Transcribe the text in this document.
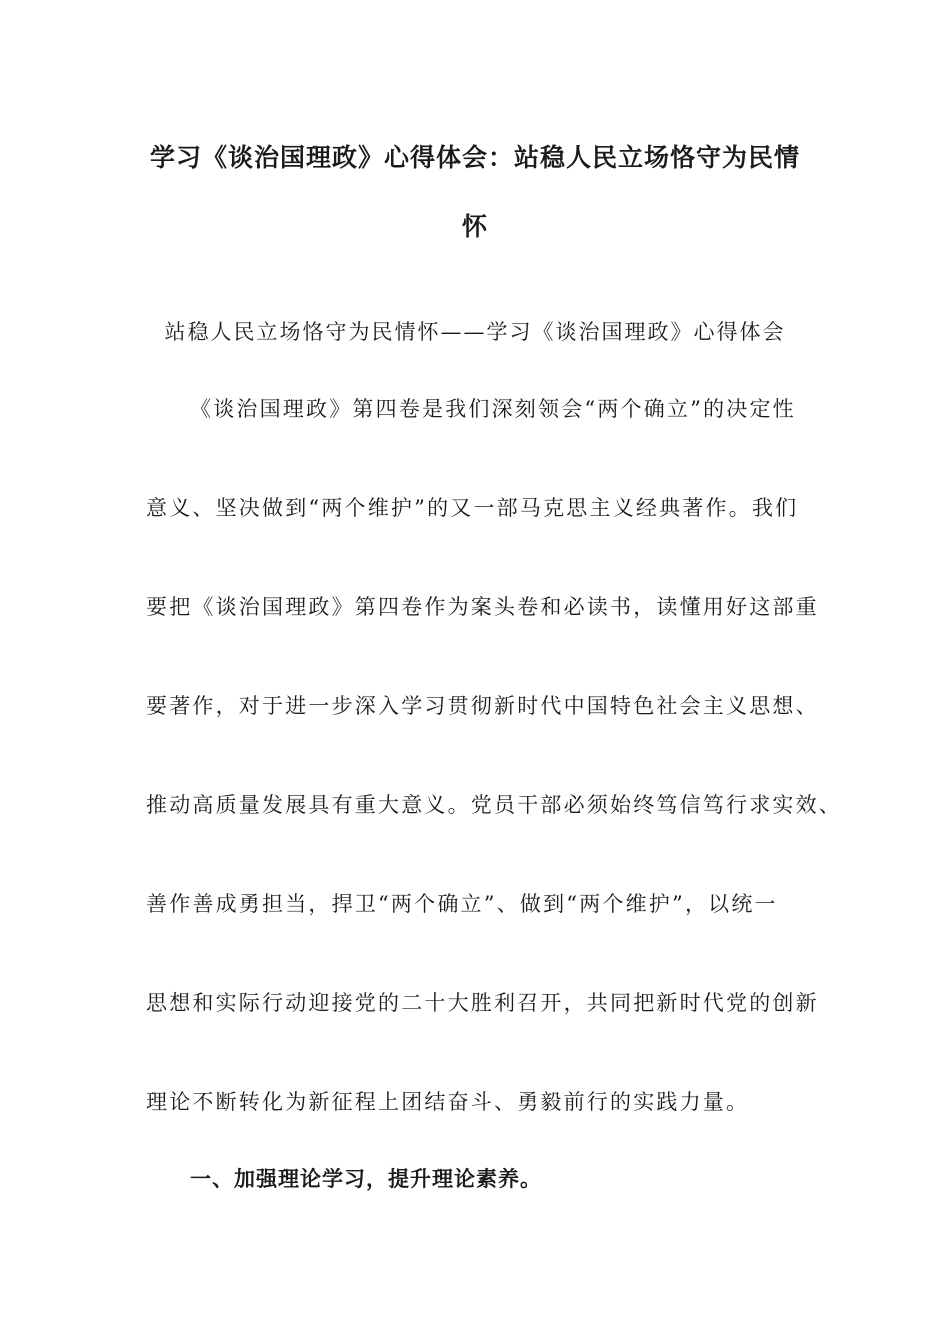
学习《谈治国理政》心得体会：站稳人民立场恪守为民情
怀
站稳人民立场恪守为民情怀——学习《谈治国理政》心得体会
《谈治国理政》第四卷是我们深刻领会“两个确立”的决定性
意义、坚决做到“两个维护”的又一部马克思主义经典著作。我们
要把《谈治国理政》第四卷作为案头卷和必读书，读懂用好这部重
要著作，对于进一步深入学习贯彻新时代中国特色社会主义思想、
推动高质量发展具有重大意义。党员干部必须始终笃信笃行求实效、
善作善成勇担当，捍卫“两个确立”、做到“两个维护”，以统一
思想和实际行动迎接党的二十大胜利召开，共同把新时代党的创新
理论不断转化为新征程上团结奋斗、勇毅前行的实践力量。
一、加强理论学习，提升理论素养。
